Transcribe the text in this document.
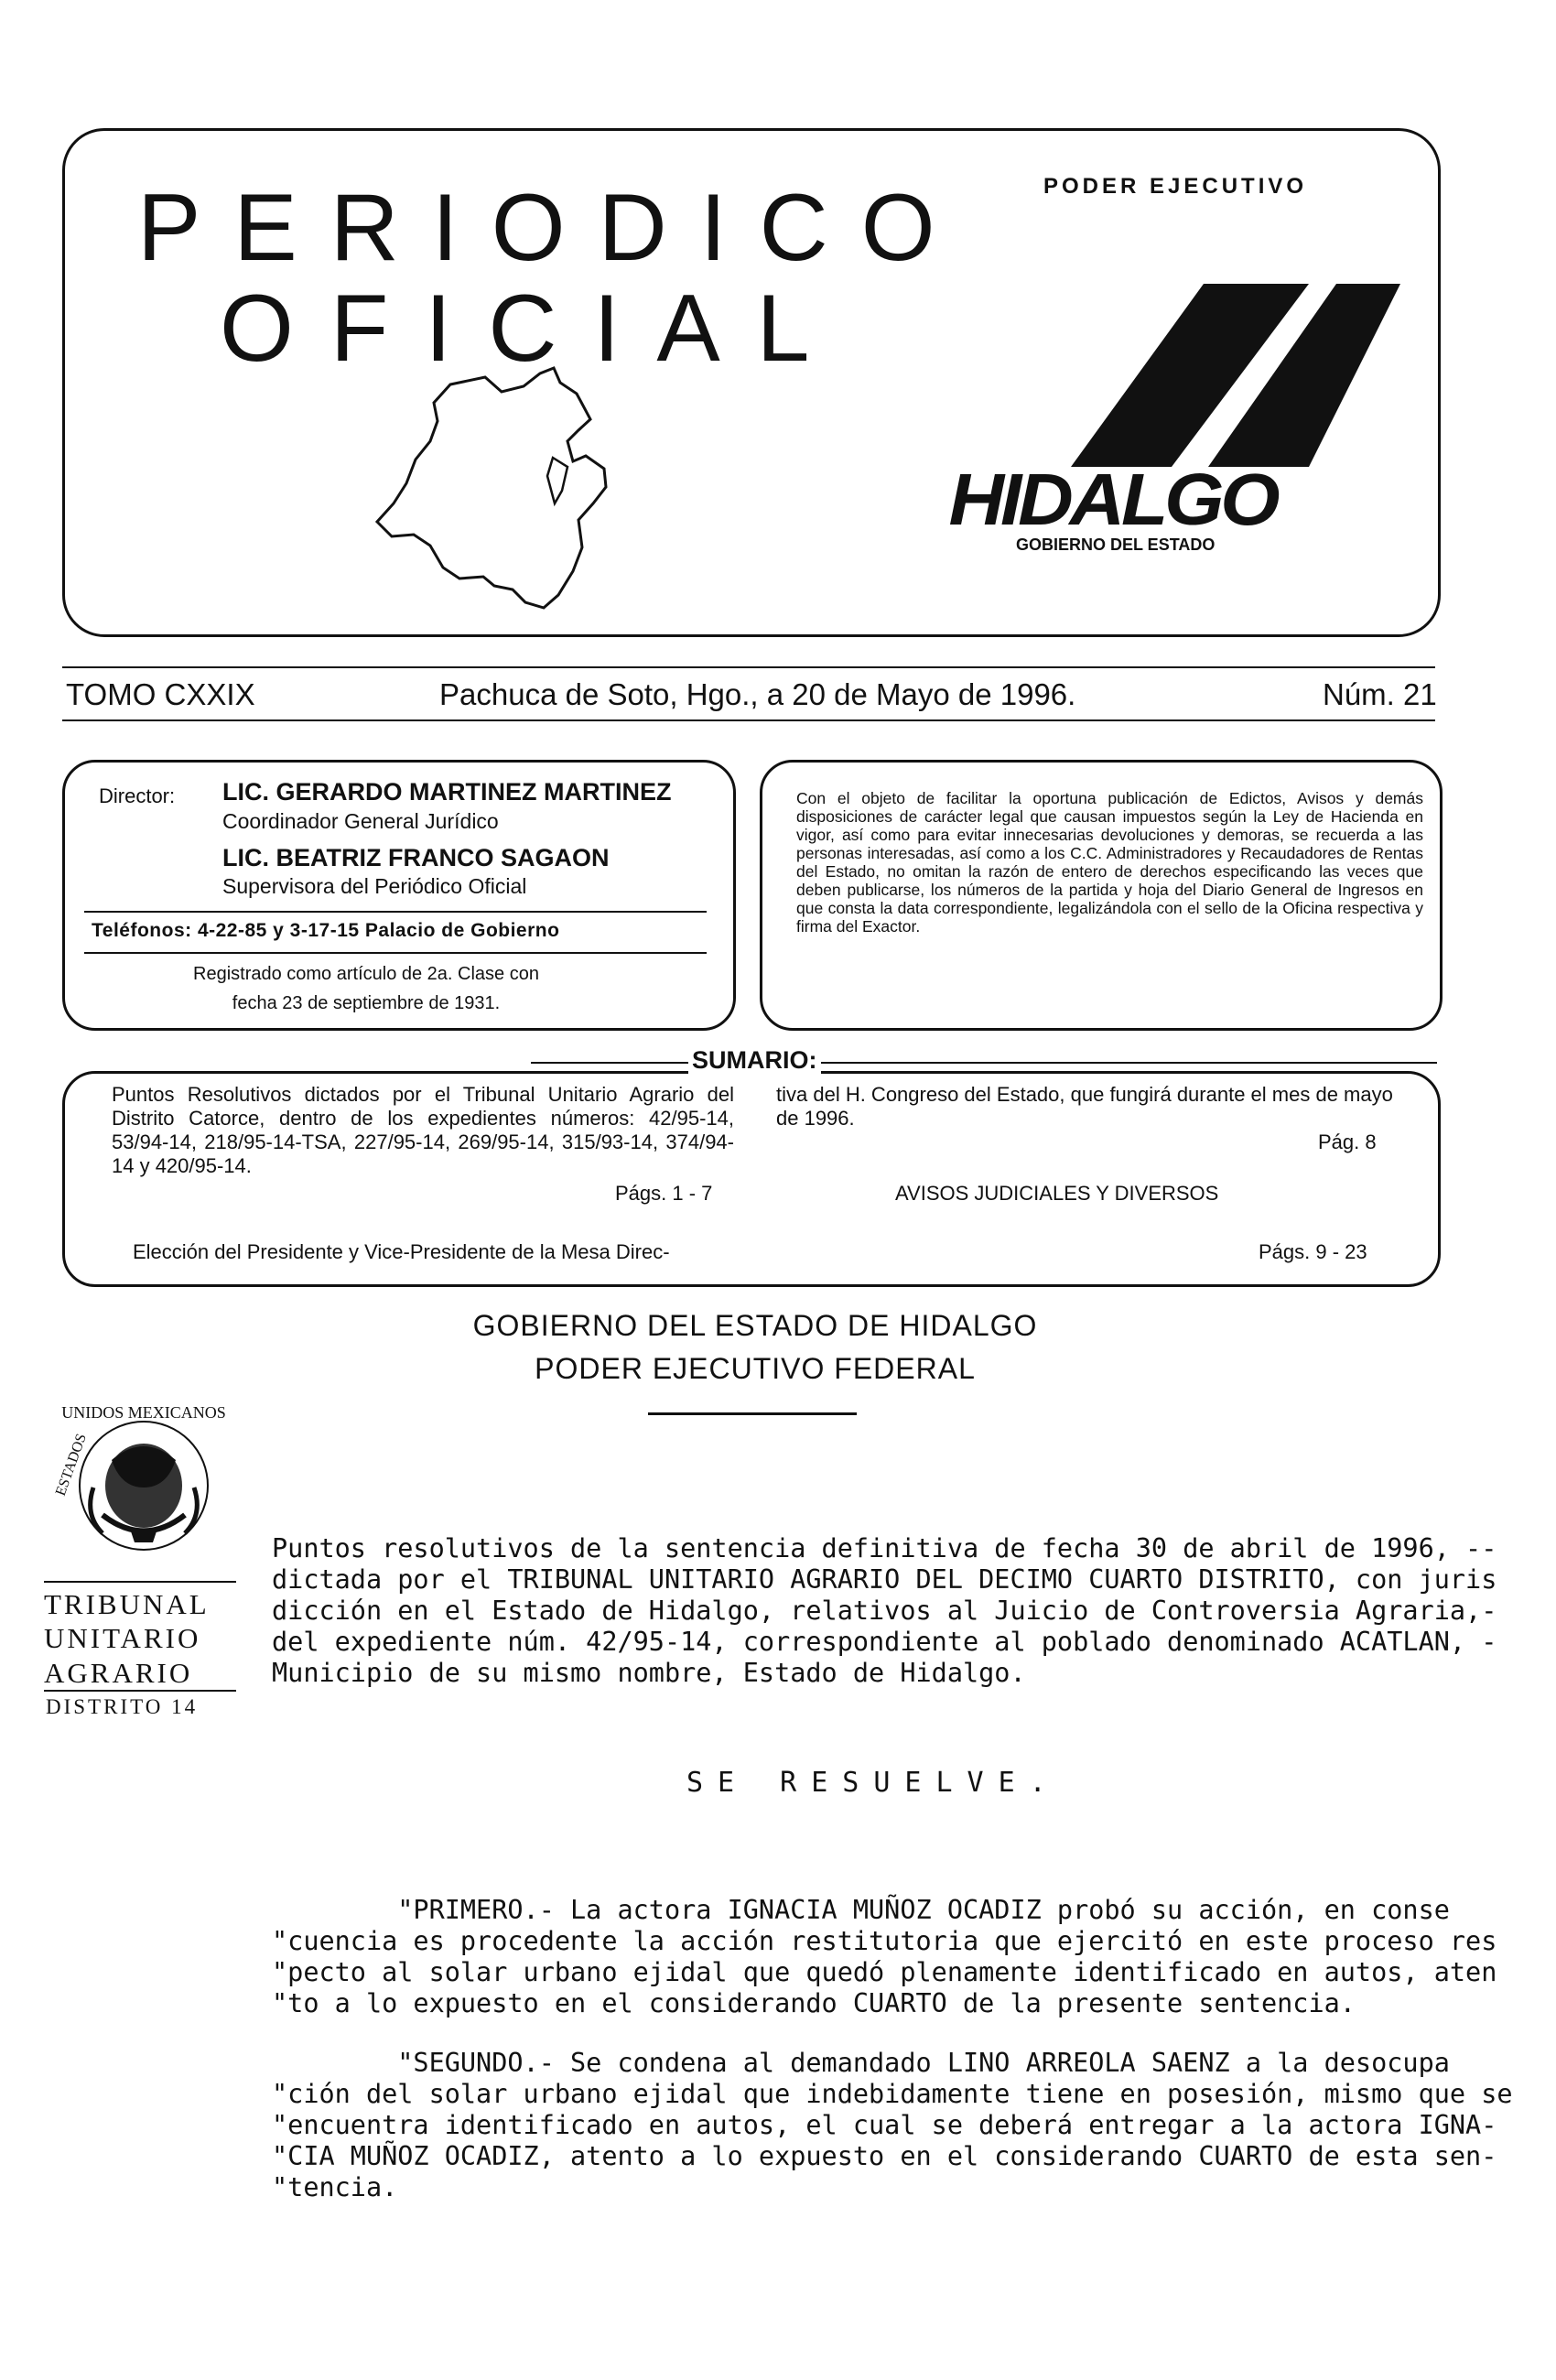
PERIODICO
OFICIAL
PODER EJECUTIVO
HIDALGO
GOBIERNO DEL ESTADO
TOMO CXXIX	Pachuca de Soto, Hgo., a 20 de Mayo de 1996.	Núm. 21
Director: LIC. GERARDO MARTINEZ MARTINEZ
Coordinador General Jurídico
LIC. BEATRIZ FRANCO SAGAON
Supervisora del Periódico Oficial
Teléfonos: 4-22-85 y 3-17-15 Palacio de Gobierno
Registrado como artículo de 2a. Clase con
fecha 23 de septiembre de 1931.
Con el objeto de facilitar la oportuna publicación de Edictos, Avisos y demás disposiciones de carácter legal que causan impuestos según la Ley de Hacienda en vigor, así como para evitar innecesarias devoluciones y demoras, se recuerda a las personas interesadas, así como a los C.C. Administradores y Recaudadores de Rentas del Estado, no omitan la razón de entero de derechos especificando las veces que deben publicarse, los números de la partida y hoja del Diario General de Ingresos en que consta la data correspondiente, legalizándola con el sello de la Oficina respectiva y firma del Exactor.
SUMARIO:
Puntos Resolutivos dictados por el Tribunal Unitario Agrario del Distrito Catorce, dentro de los expedientes números: 42/95-14, 53/94-14, 218/95-14-TSA, 227/95-14, 269/95-14, 315/93-14, 374/94-14 y 420/95-14.
Págs. 1 - 7
Elección del Presidente y Vice-Presidente de la Mesa Direc-
tiva del H. Congreso del Estado, que fungirá durante el mes de mayo de 1996.
Pág. 8
AVISOS JUDICIALES Y DIVERSOS
Págs. 9 - 23
GOBIERNO DEL ESTADO DE HIDALGO
PODER EJECUTIVO FEDERAL
UNIDOS MEXICANOS
ESTADOS
TRIBUNAL
UNITARIO
AGRARIO
DISTRITO 14
Puntos resolutivos de la sentencia definitiva de fecha 30 de abril de 1996, --
dictada por el TRIBUNAL UNITARIO AGRARIO DEL DECIMO CUARTO DISTRITO, con juris
dicción en el Estado de Hidalgo, relativos al Juicio de Controversia Agraria,-
del expediente núm. 42/95-14, correspondiente al poblado denominado ACATLAN, -
Municipio de su mismo nombre, Estado de Hidalgo.
SE RESUELVE.
"PRIMERO.- La actora IGNACIA MUÑOZ OCADIZ probó su acción, en conse
"cuencia es procedente la acción restitutoria que ejercitó en este proceso res
"pecto al solar urbano ejidal que quedó plenamente identificado en autos, aten
"to a lo expuesto en el considerando CUARTO de la presente sentencia.
"SEGUNDO.- Se condena al demandado LINO ARREOLA SAENZ a la desocupa
"ción del solar urbano ejidal que indebidamente tiene en posesión, mismo que se
"encuentra identificado en autos, el cual se deberá entregar a la actora IGNA-
"CIA MUÑOZ OCADIZ, atento a lo expuesto en el considerando CUARTO de esta sen-
"tencia.
